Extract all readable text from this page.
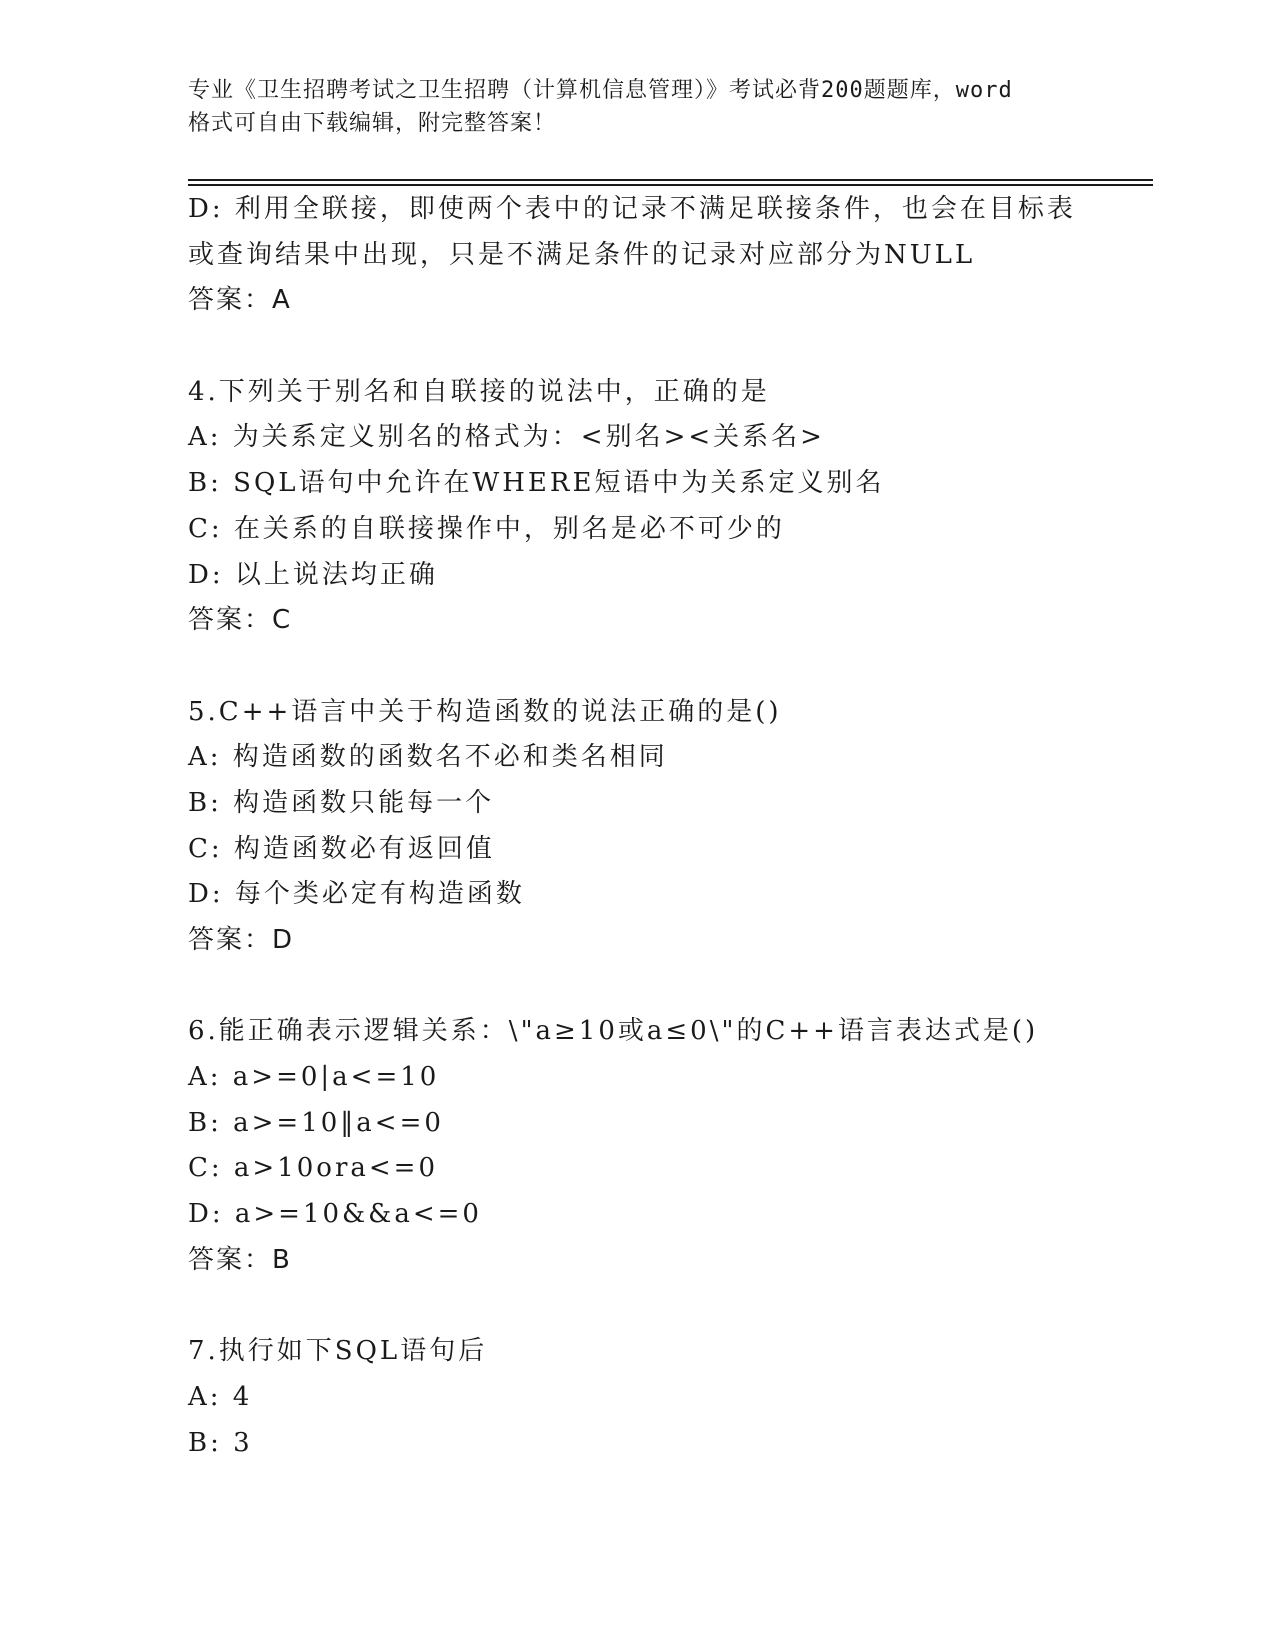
专业《卫生招聘考试之卫生招聘（计算机信息管理）》考试必背200题题库，word
格式可自由下载编辑，附完整答案！
D: 利用全联接，即使两个表中的记录不满足联接条件，也会在目标表
或查询结果中出现，只是不满足条件的记录对应部分为NULL
答案：A
4.下列关于别名和自联接的说法中，正确的是
A: 为关系定义别名的格式为：<别名><关系名>
B: SQL语句中允许在WHERE短语中为关系定义别名
C: 在关系的自联接操作中，别名是必不可少的
D: 以上说法均正确
答案：C
5.C++语言中关于构造函数的说法正确的是()
A: 构造函数的函数名不必和类名相同
B: 构造函数只能每一个
C: 构造函数必有返回值
D: 每个类必定有构造函数
答案：D
6.能正确表示逻辑关系：\"a≥10或a≤0\"的C++语言表达式是()
A: a>=0|a<=10
B: a>=10‖a<=0
C: a>10ora<=0
D: a>=10&&a<=0
答案：B
7.执行如下SQL语句后
A: 4
B: 3
